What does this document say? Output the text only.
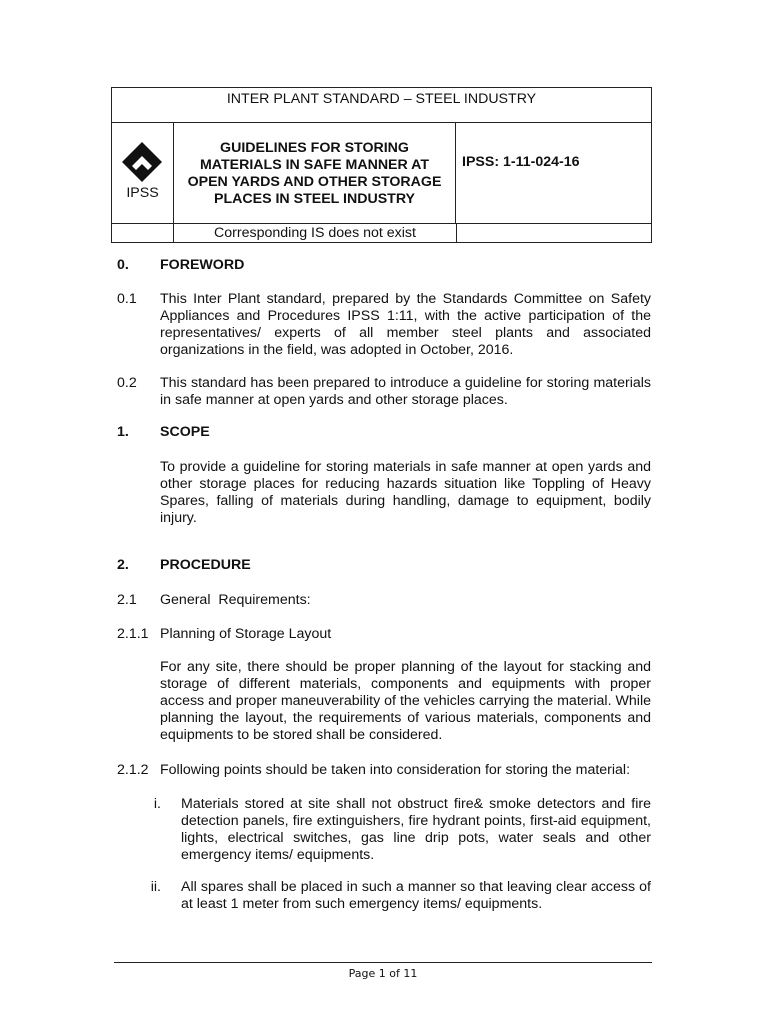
INTER PLANT STANDARD – STEEL INDUSTRY
IPSS
GUIDELINES FOR STORING
MATERIALS IN SAFE MANNER AT
OPEN YARDS AND OTHER STORAGE
PLACES IN STEEL INDUSTRY
IPSS: 1-11-024-16
Corresponding IS does not exist
0. FOREWORD
0.1 This Inter Plant standard, prepared by the Standards Committee on Safety Appliances and Procedures IPSS 1:11, with the active participation of the representatives/ experts of all member steel plants and associated organizations in the field, was adopted in October, 2016.
0.2 This standard has been prepared to introduce a guideline for storing materials in safe manner at open yards and other storage places.
1. SCOPE
To provide a guideline for storing materials in safe manner at open yards and other storage places for reducing hazards situation like Toppling of Heavy Spares, falling of materials during handling, damage to equipment, bodily injury.
2. PROCEDURE
2.1 General  Requirements:
2.1.1 Planning of Storage Layout
For any site, there should be proper planning of the layout for stacking and storage of different materials, components and equipments with proper access and proper maneuverability of the vehicles carrying the material. While planning the layout, the requirements of various materials, components and equipments to be stored shall be considered.
2.1.2 Following points should be taken into consideration for storing the material:
i. Materials stored at site shall not obstruct fire& smoke detectors and fire detection panels, fire extinguishers, fire hydrant points, first-aid equipment, lights, electrical switches, gas line drip pots, water seals and other emergency items/ equipments.
ii. All spares shall be placed in such a manner so that leaving clear access of at least 1 meter from such emergency items/ equipments.
Page 1 of 11
